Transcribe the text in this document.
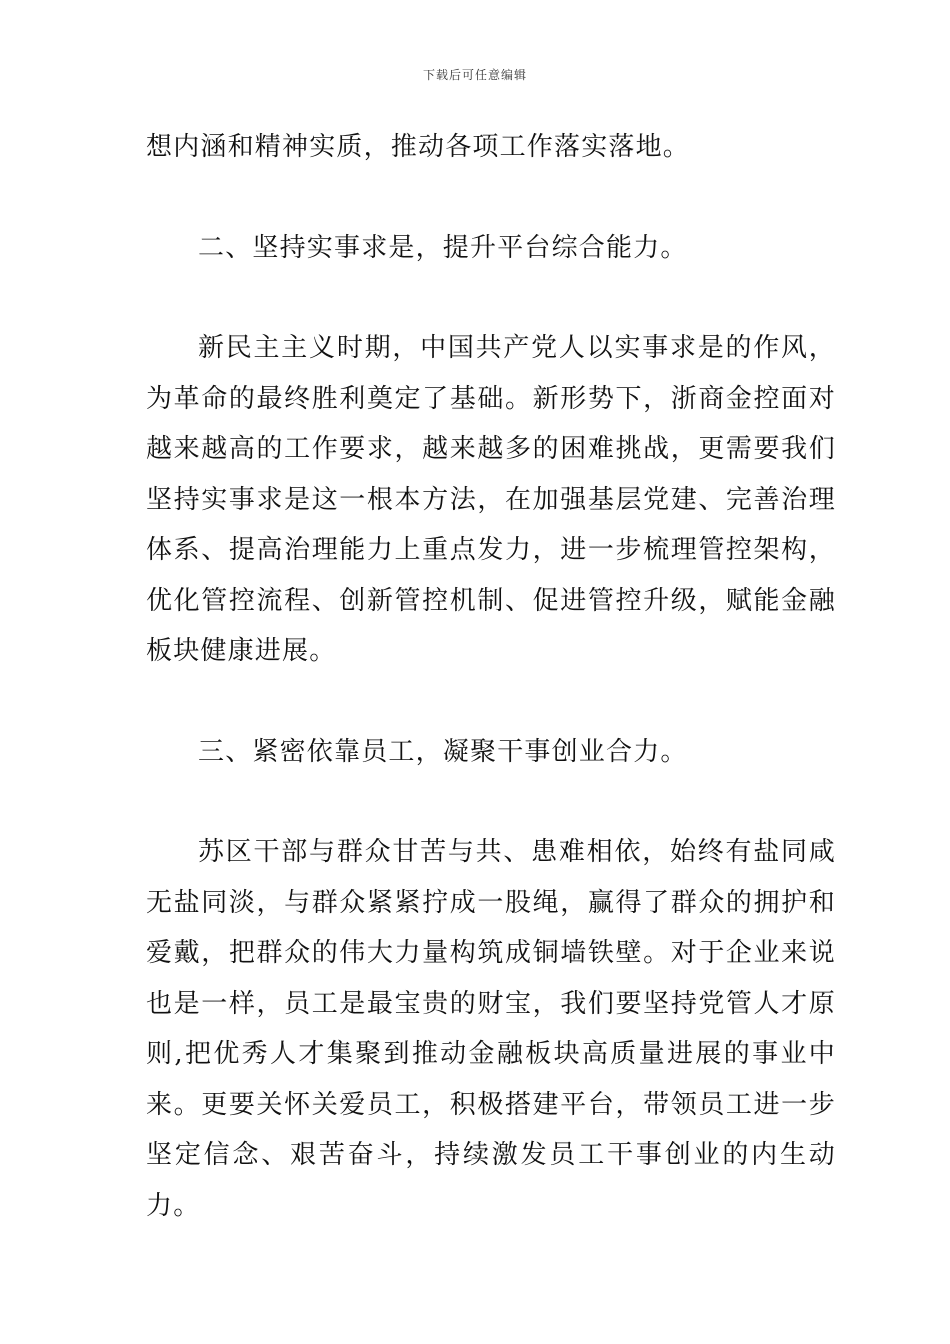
下载后可任意编辑

想内涵和精神实质，推动各项工作落实落地。

二、坚持实事求是，提升平台综合能力。

新民主主义时期，中国共产党人以实事求是的作风，为革命的最终胜利奠定了基础。新形势下，浙商金控面对越来越高的工作要求，越来越多的困难挑战，更需要我们坚持实事求是这一根本方法，在加强基层党建、完善治理体系、提高治理能力上重点发力，进一步梳理管控架构，优化管控流程、创新管控机制、促进管控升级，赋能金融板块健康进展。

三、紧密依靠员工，凝聚干事创业合力。

苏区干部与群众甘苦与共、患难相依，始终有盐同咸无盐同淡，与群众紧紧拧成一股绳，赢得了群众的拥护和爱戴，把群众的伟大力量构筑成铜墙铁壁。对于企业来说也是一样，员工是最宝贵的财宝，我们要坚持党管人才原则,把优秀人才集聚到推动金融板块高质量进展的事业中来。更要关怀关爱员工，积极搭建平台，带领员工进一步坚定信念、艰苦奋斗，持续激发员工干事创业的内生动力。
